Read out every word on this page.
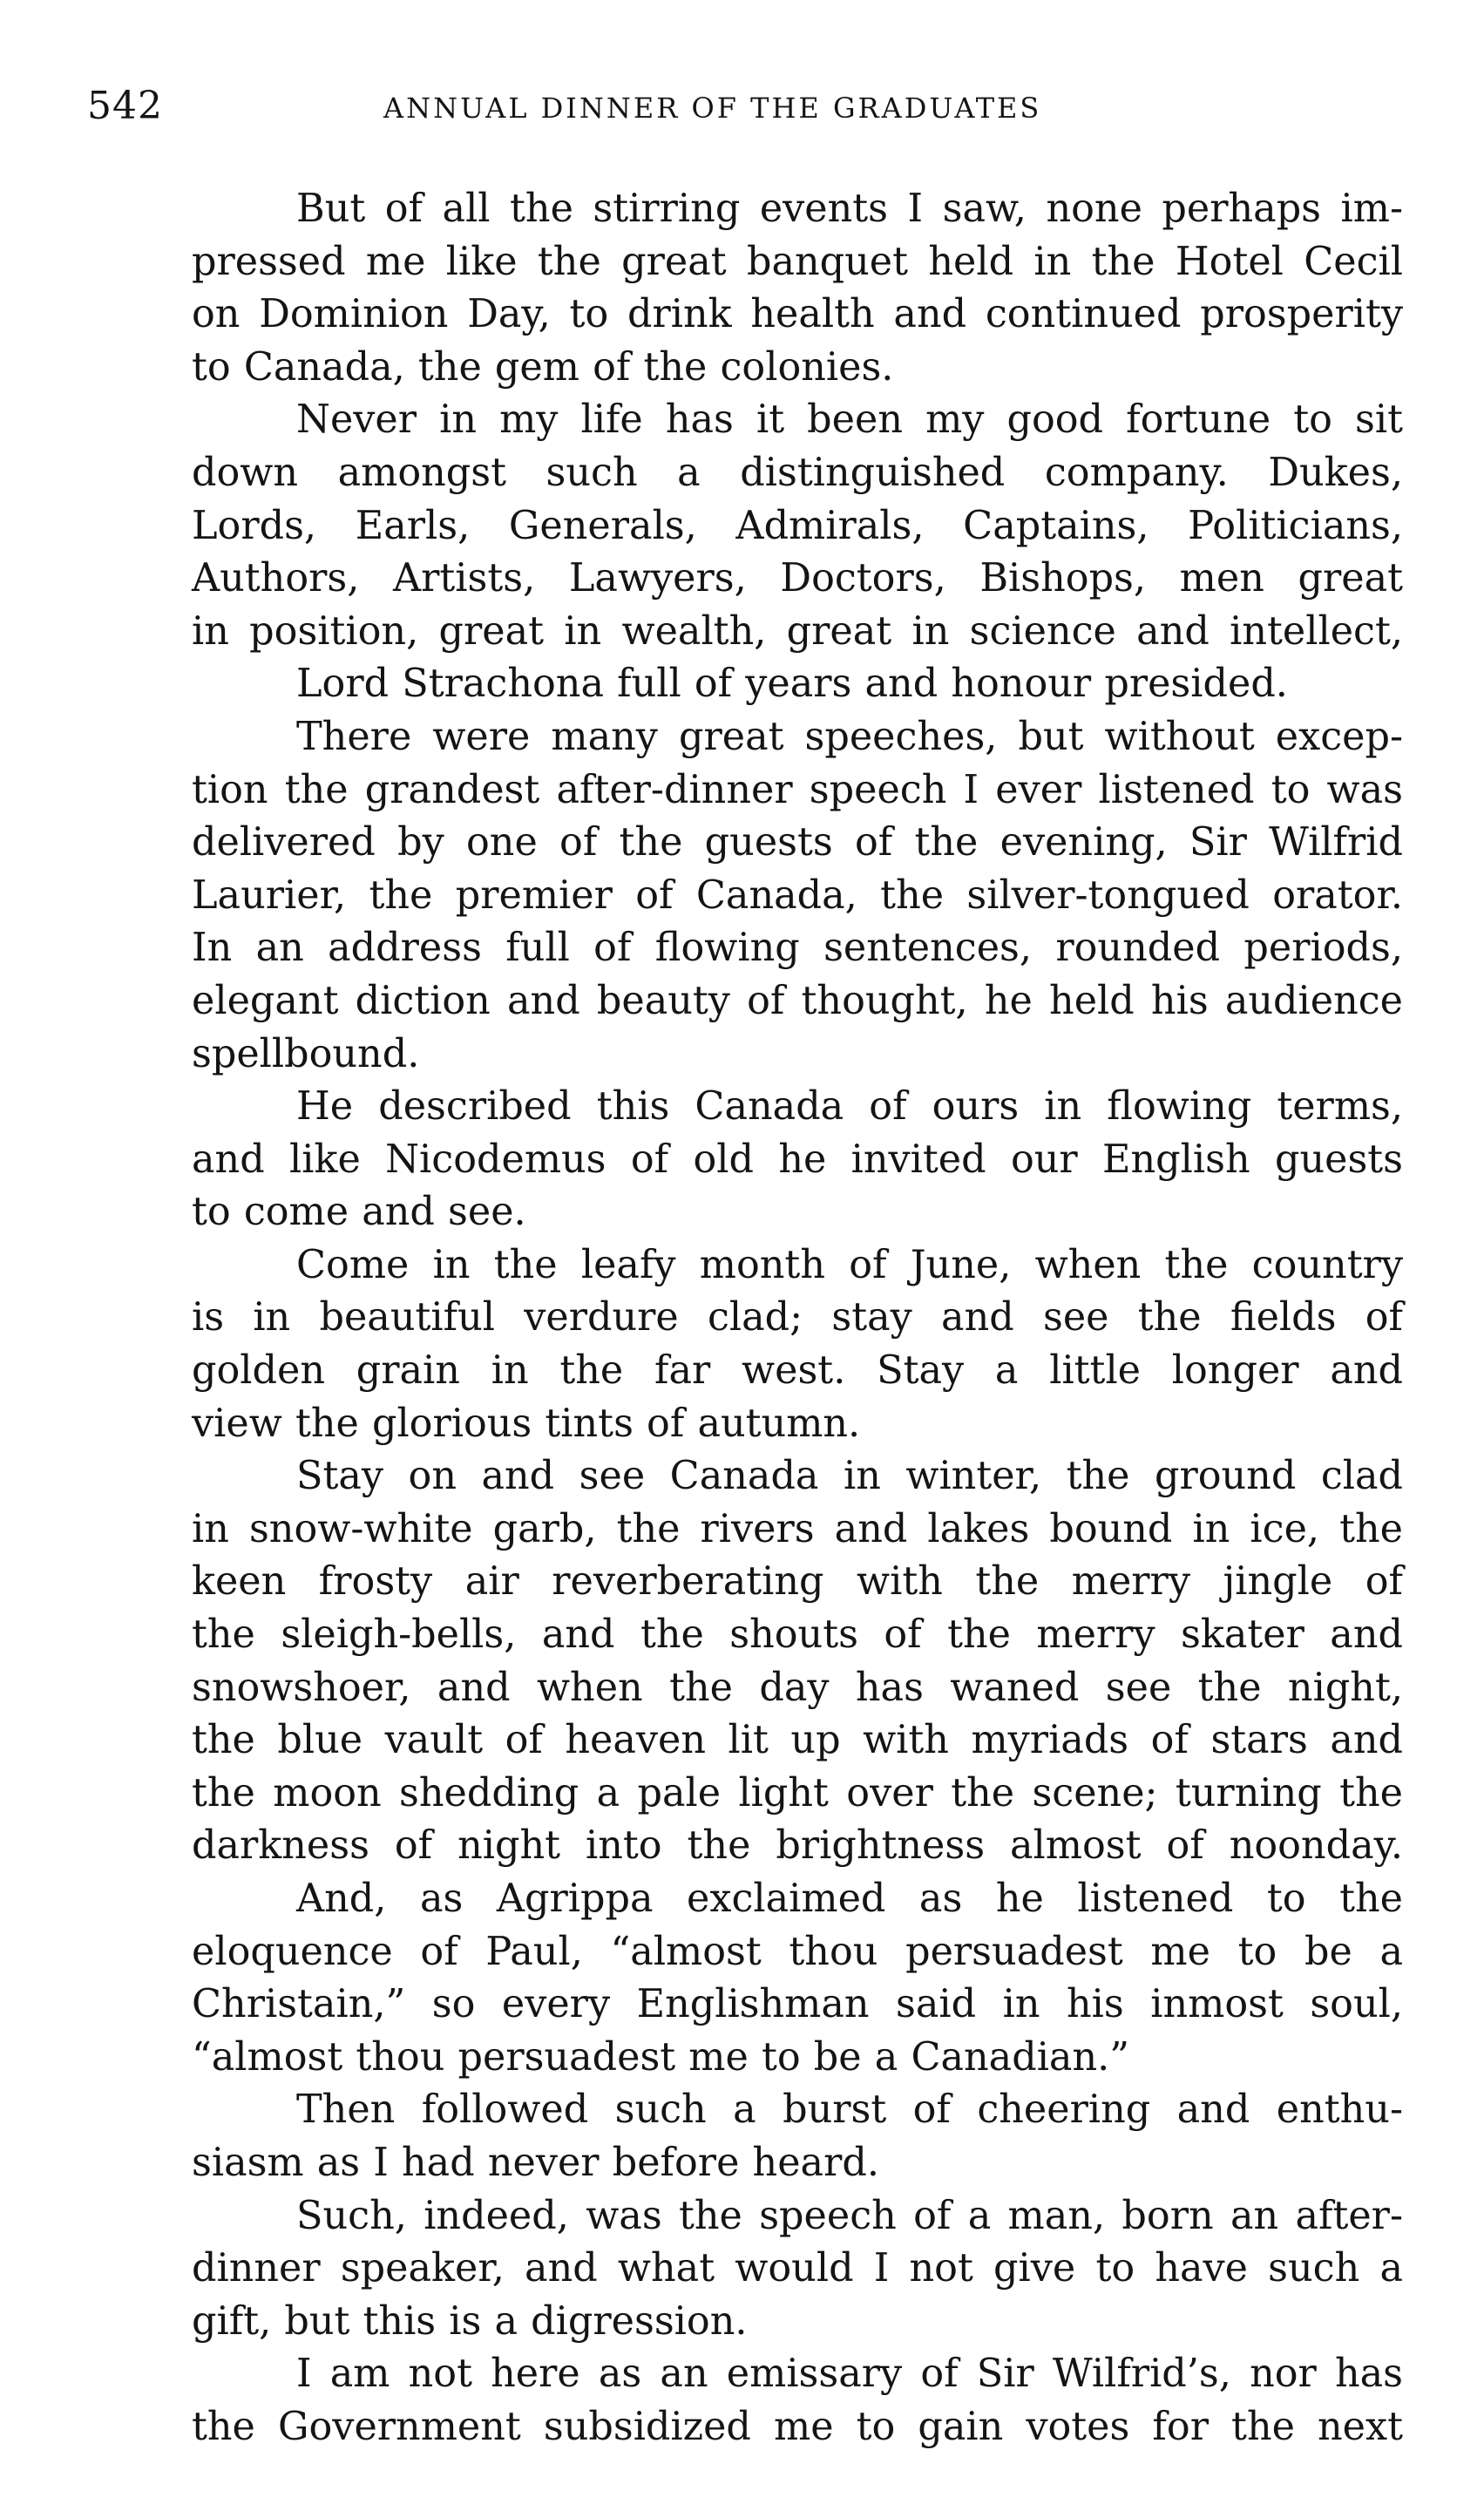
542	ANNUAL DINNER OF THE GRADUATES

But of all the stirring events I saw, none perhaps im-
pressed me like the great banquet held in the Hotel Cecil
on Dominion Day, to drink health and continued prosperity
to Canada, the gem of the colonies.

Never in my life has it been my good fortune to sit
down amongst such a distinguished company. Dukes,
Lords, Earls, Generals, Admirals, Captains, Politicians,
Authors, Artists, Lawyers, Doctors, Bishops, men great
in position, great in wealth, great in science and intellect,

Lord Strachona full of years and honour presided.

There were many great speeches, but without excep-
tion the grandest after-dinner speech I ever listened to was
delivered by one of the guests of the evening, Sir Wilfrid
Laurier, the premier of Canada, the silver-tongued orator.
In an address full of flowing sentences, rounded periods,
elegant diction and beauty of thought, he held his audience
spellbound.

He described this Canada of ours in flowing terms,
and like Nicodemus of old he invited our English guests
to come and see.

Come in the leafy month of June, when the country
is in beautiful verdure clad; stay and see the fields of
golden grain in the far west. Stay a little longer and
view the glorious tints of autumn.

Stay on and see Canada in winter, the ground clad
in snow-white garb, the rivers and lakes bound in ice, the
keen frosty air reverberating with the merry jingle of
the sleigh-bells, and the shouts of the merry skater and
snowshoer, and when the day has waned see the night,
the blue vault of heaven lit up with myriads of stars and
the moon shedding a pale light over the scene; turning the
darkness of night into the brightness almost of noonday.

And, as Agrippa exclaimed as he listened to the
eloquence of Paul, “almost thou persuadest me to be a
Christain,” so every Englishman said in his inmost soul,
“almost thou persuadest me to be a Canadian.”

Then followed such a burst of cheering and enthu-
siasm as I had never before heard.

Such, indeed, was the speech of a man, born an after-
dinner speaker, and what would I not give to have such a
gift, but this is a digression.

I am not here as an emissary of Sir Wilfrid’s, nor has
the Government subsidized me to gain votes for the next
